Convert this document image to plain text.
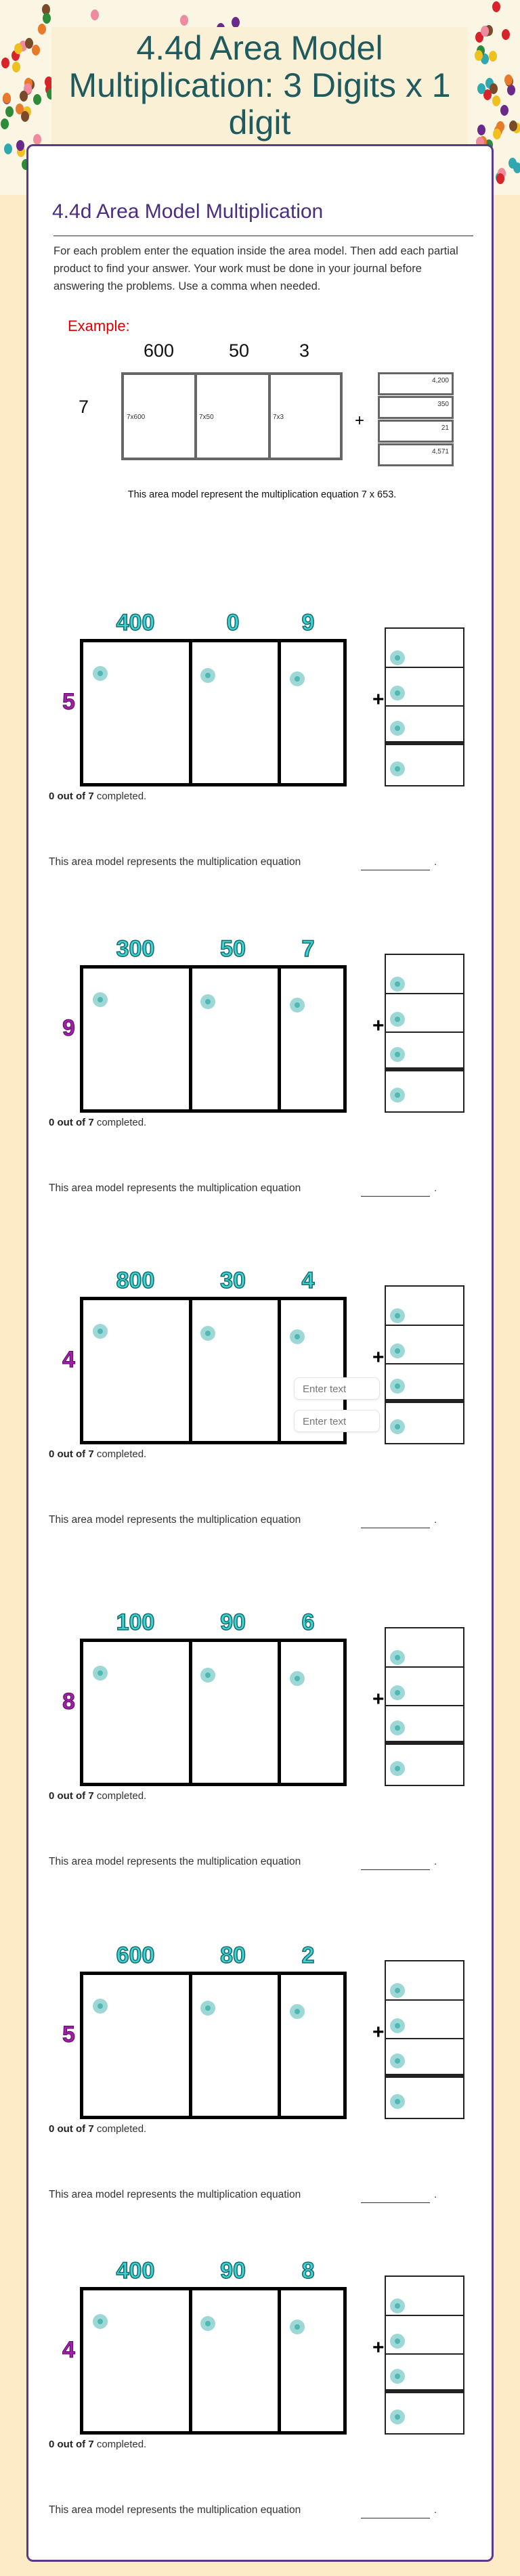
4.4d Area Model
Multiplication: 3 Digits x 1
digit
4.4d Area Model Multiplication
For each problem enter the equation inside the area model. Then add each partial product to find your answer. Your work must be done in your journal before answering the problems. Use a comma when needed.
Example:
600	50	3
7
7x600	7x50	7x3	+
4,200
350
21
4,571
This area model represent the multiplication equation 7 x 653.
400	0	9
5	+
0 out of 7 completed.
This area model represents the multiplication equation	.
300	50 7
9	+
0 out of 7 completed.
This area model represents the multiplication equation	.
800	30 4
4	+
Enter text
Enter text
0 out of 7 completed.
This area model represents the multiplication equation	.
100	90 6
8	+
0 out of 7 completed.
This area model represents the multiplication equation	.
600	80 2
5	+
0 out of 7 completed.
This area model represents the multiplication equation	.
400	90 8
4	+
0 out of 7 completed.
This area model represents the multiplication equation	.
